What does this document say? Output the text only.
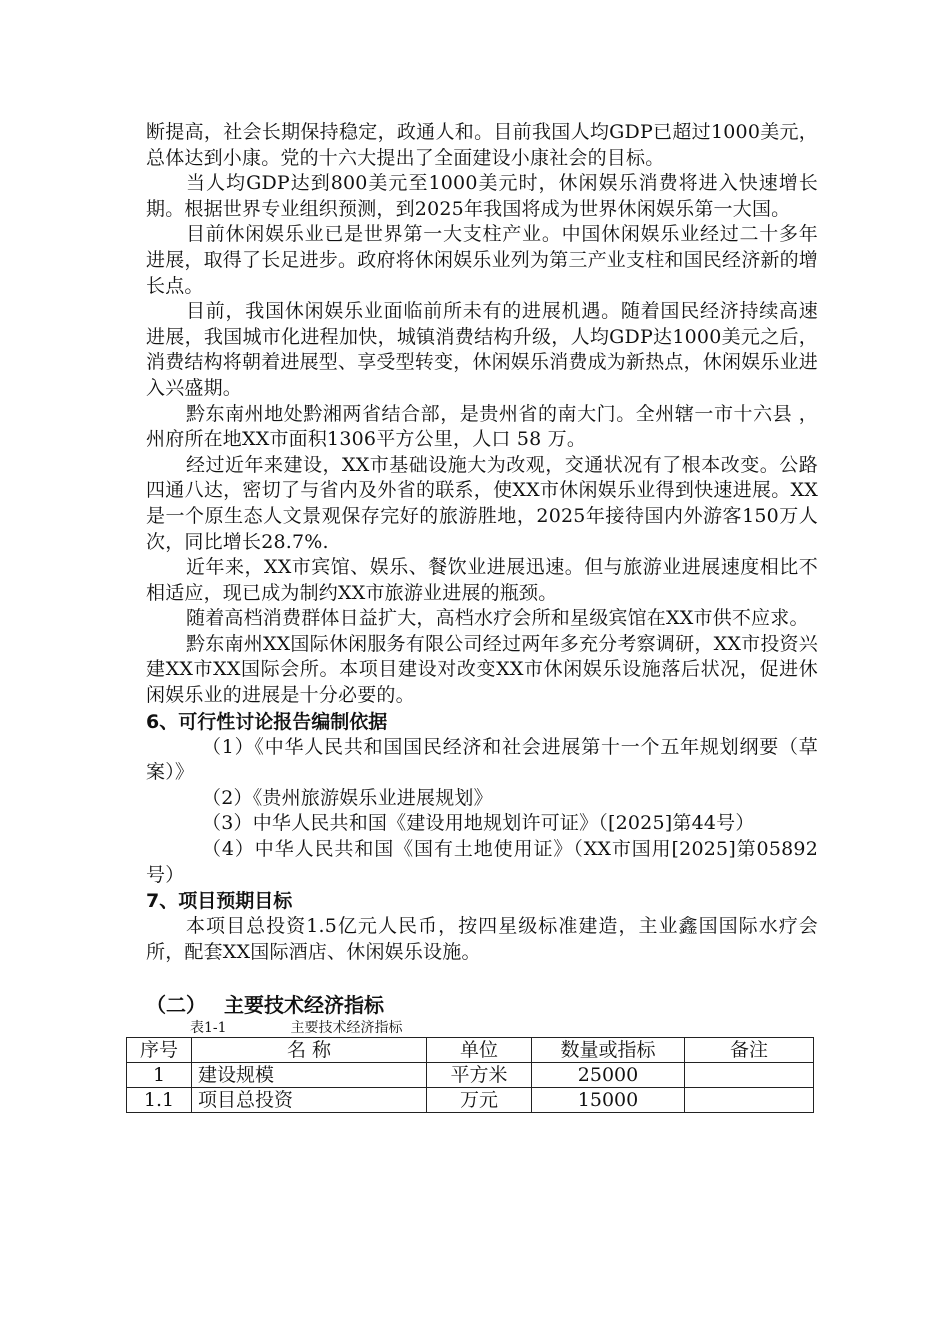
断提高，社会长期保持稳定，政通人和。目前我国人均GDP已超过1000美元，总体达到小康。党的十六大提出了全面建设小康社会的目标。

当人均GDP达到800美元至1000美元时，休闲娱乐消费将进入快速增长期。根据世界专业组织预测，到2025年我国将成为世界休闲娱乐第一大国。

目前休闲娱乐业已是世界第一大支柱产业。中国休闲娱乐业经过二十多年进展，取得了长足进步。政府将休闲娱乐业列为第三产业支柱和国民经济新的增长点。

目前，我国休闲娱乐业面临前所未有的进展机遇。随着国民经济持续高速进展，我国城市化进程加快，城镇消费结构升级，人均GDP达1000美元之后，消费结构将朝着进展型、享受型转变，休闲娱乐消费成为新热点，休闲娱乐业进入兴盛期。

黔东南州地处黔湘两省结合部，是贵州省的南大门。全州辖一市十六县 ，州府所在地XX市面积1306平方公里，人口 58 万。

经过近年来建设，XX市基础设施大为改观，交通状况有了根本改变。公路四通八达，密切了与省内及外省的联系，使XX市休闲娱乐业得到快速进展。XX是一个原生态人文景观保存完好的旅游胜地，2025年接待国内外游客150万人次，同比增长28.7%.

近年来，XX市宾馆、娱乐、餐饮业进展迅速。但与旅游业进展速度相比不相适应，现已成为制约XX市旅游业进展的瓶颈。

随着高档消费群体日益扩大，高档水疗会所和星级宾馆在XX市供不应求。

黔东南州XX国际休闲服务有限公司经过两年多充分考察调研，XX市投资兴建XX市XX国际会所。本项目建设对改变XX市休闲娱乐设施落后状况，促进休闲娱乐业的进展是十分必要的。

6、可行性讨论报告编制依据

（1）《中华人民共和国国民经济和社会进展第十一个五年规划纲要（草案）》

（2）《贵州旅游娱乐业进展规划》

（3）中华人民共和国《建设用地规划许可证》（[2025]第44号）

（4）中华人民共和国《国有土地使用证》（XX市国用[2025]第05892号）

7、项目预期目标

本项目总投资1.5亿元人民币，按四星级标准建造，主业鑫国国际水疗会所，配套XX国际酒店、休闲娱乐设施。

（二） 主要技术经济指标

表1-1	主要技术经济指标

序号	名 称	单位	数量或指标	备注
1	建设规模	平方米	25000	
1.1	项目总投资	万元	15000	
